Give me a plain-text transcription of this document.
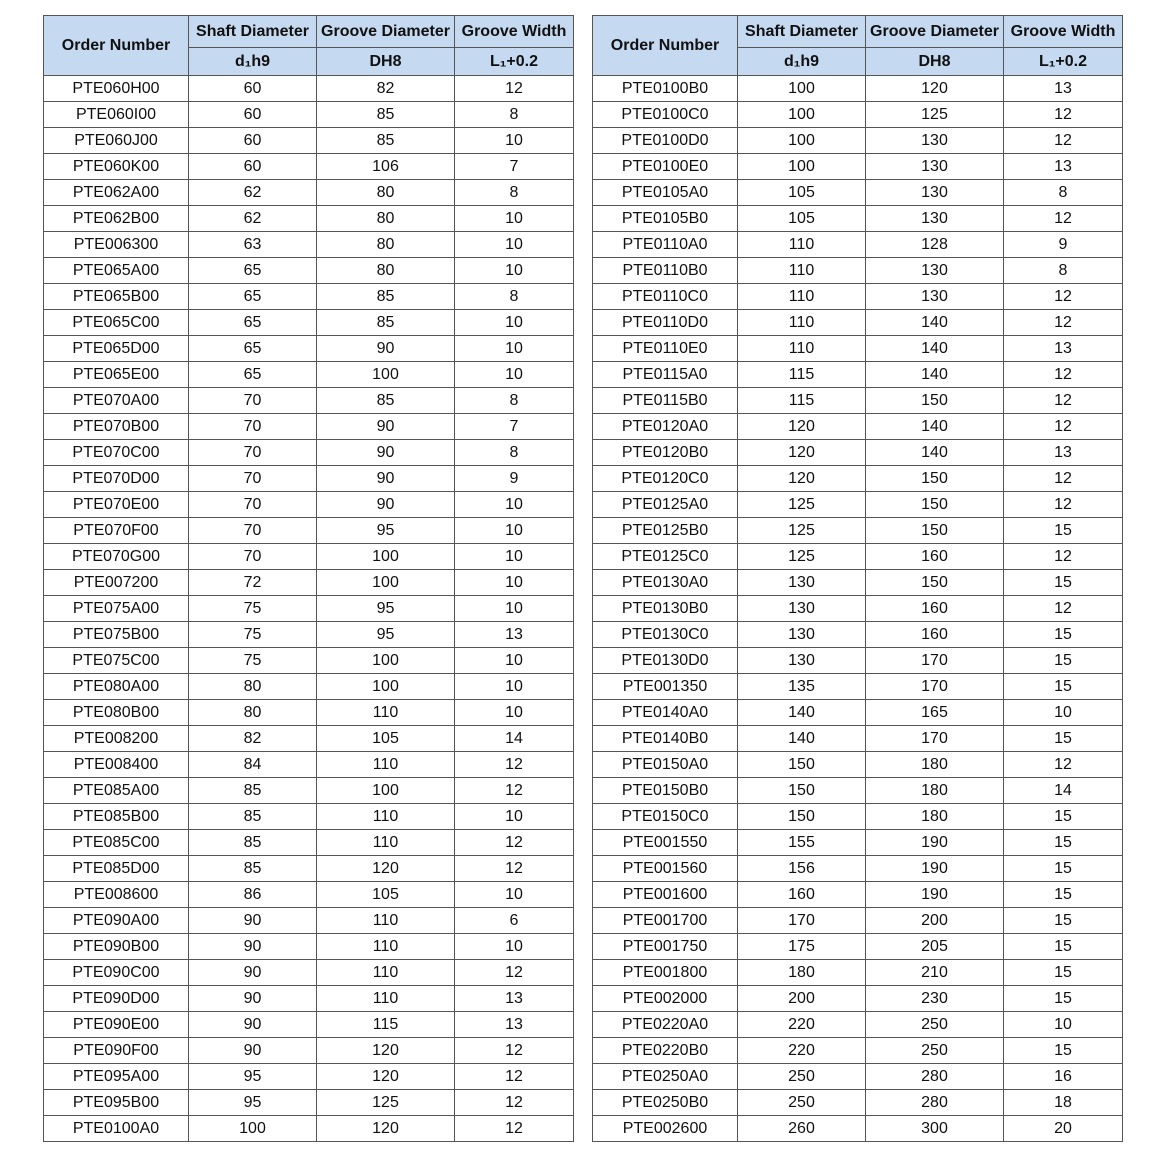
Order Number	Shaft Diameter	Groove Diameter	Groove Width
	d₁h9	DH8	L₁+0.2
PTE060H00	60	82	12
PTE060I00	60	85	8
PTE060J00	60	85	10
PTE060K00	60	106	7
PTE062A00	62	80	8
PTE062B00	62	80	10
PTE006300	63	80	10
PTE065A00	65	80	10
PTE065B00	65	85	8
PTE065C00	65	85	10
PTE065D00	65	90	10
PTE065E00	65	100	10
PTE070A00	70	85	8
PTE070B00	70	90	7
PTE070C00	70	90	8
PTE070D00	70	90	9
PTE070E00	70	90	10
PTE070F00	70	95	10
PTE070G00	70	100	10
PTE007200	72	100	10
PTE075A00	75	95	10
PTE075B00	75	95	13
PTE075C00	75	100	10
PTE080A00	80	100	10
PTE080B00	80	110	10
PTE008200	82	105	14
PTE008400	84	110	12
PTE085A00	85	100	12
PTE085B00	85	110	10
PTE085C00	85	110	12
PTE085D00	85	120	12
PTE008600	86	105	10
PTE090A00	90	110	6
PTE090B00	90	110	10
PTE090C00	90	110	12
PTE090D00	90	110	13
PTE090E00	90	115	13
PTE090F00	90	120	12
PTE095A00	95	120	12
PTE095B00	95	125	12
PTE0100A0	100	120	12
Order Number	Shaft Diameter	Groove Diameter	Groove Width
	d₁h9	DH8	L₁+0.2
PTE0100B0	100	120	13
PTE0100C0	100	125	12
PTE0100D0	100	130	12
PTE0100E0	100	130	13
PTE0105A0	105	130	8
PTE0105B0	105	130	12
PTE0110A0	110	128	9
PTE0110B0	110	130	8
PTE0110C0	110	130	12
PTE0110D0	110	140	12
PTE0110E0	110	140	13
PTE0115A0	115	140	12
PTE0115B0	115	150	12
PTE0120A0	120	140	12
PTE0120B0	120	140	13
PTE0120C0	120	150	12
PTE0125A0	125	150	12
PTE0125B0	125	150	15
PTE0125C0	125	160	12
PTE0130A0	130	150	15
PTE0130B0	130	160	12
PTE0130C0	130	160	15
PTE0130D0	130	170	15
PTE001350	135	170	15
PTE0140A0	140	165	10
PTE0140B0	140	170	15
PTE0150A0	150	180	12
PTE0150B0	150	180	14
PTE0150C0	150	180	15
PTE001550	155	190	15
PTE001560	156	190	15
PTE001600	160	190	15
PTE001700	170	200	15
PTE001750	175	205	15
PTE001800	180	210	15
PTE002000	200	230	15
PTE0220A0	220	250	10
PTE0220B0	220	250	15
PTE0250A0	250	280	16
PTE0250B0	250	280	18
PTE002600	260	300	20
